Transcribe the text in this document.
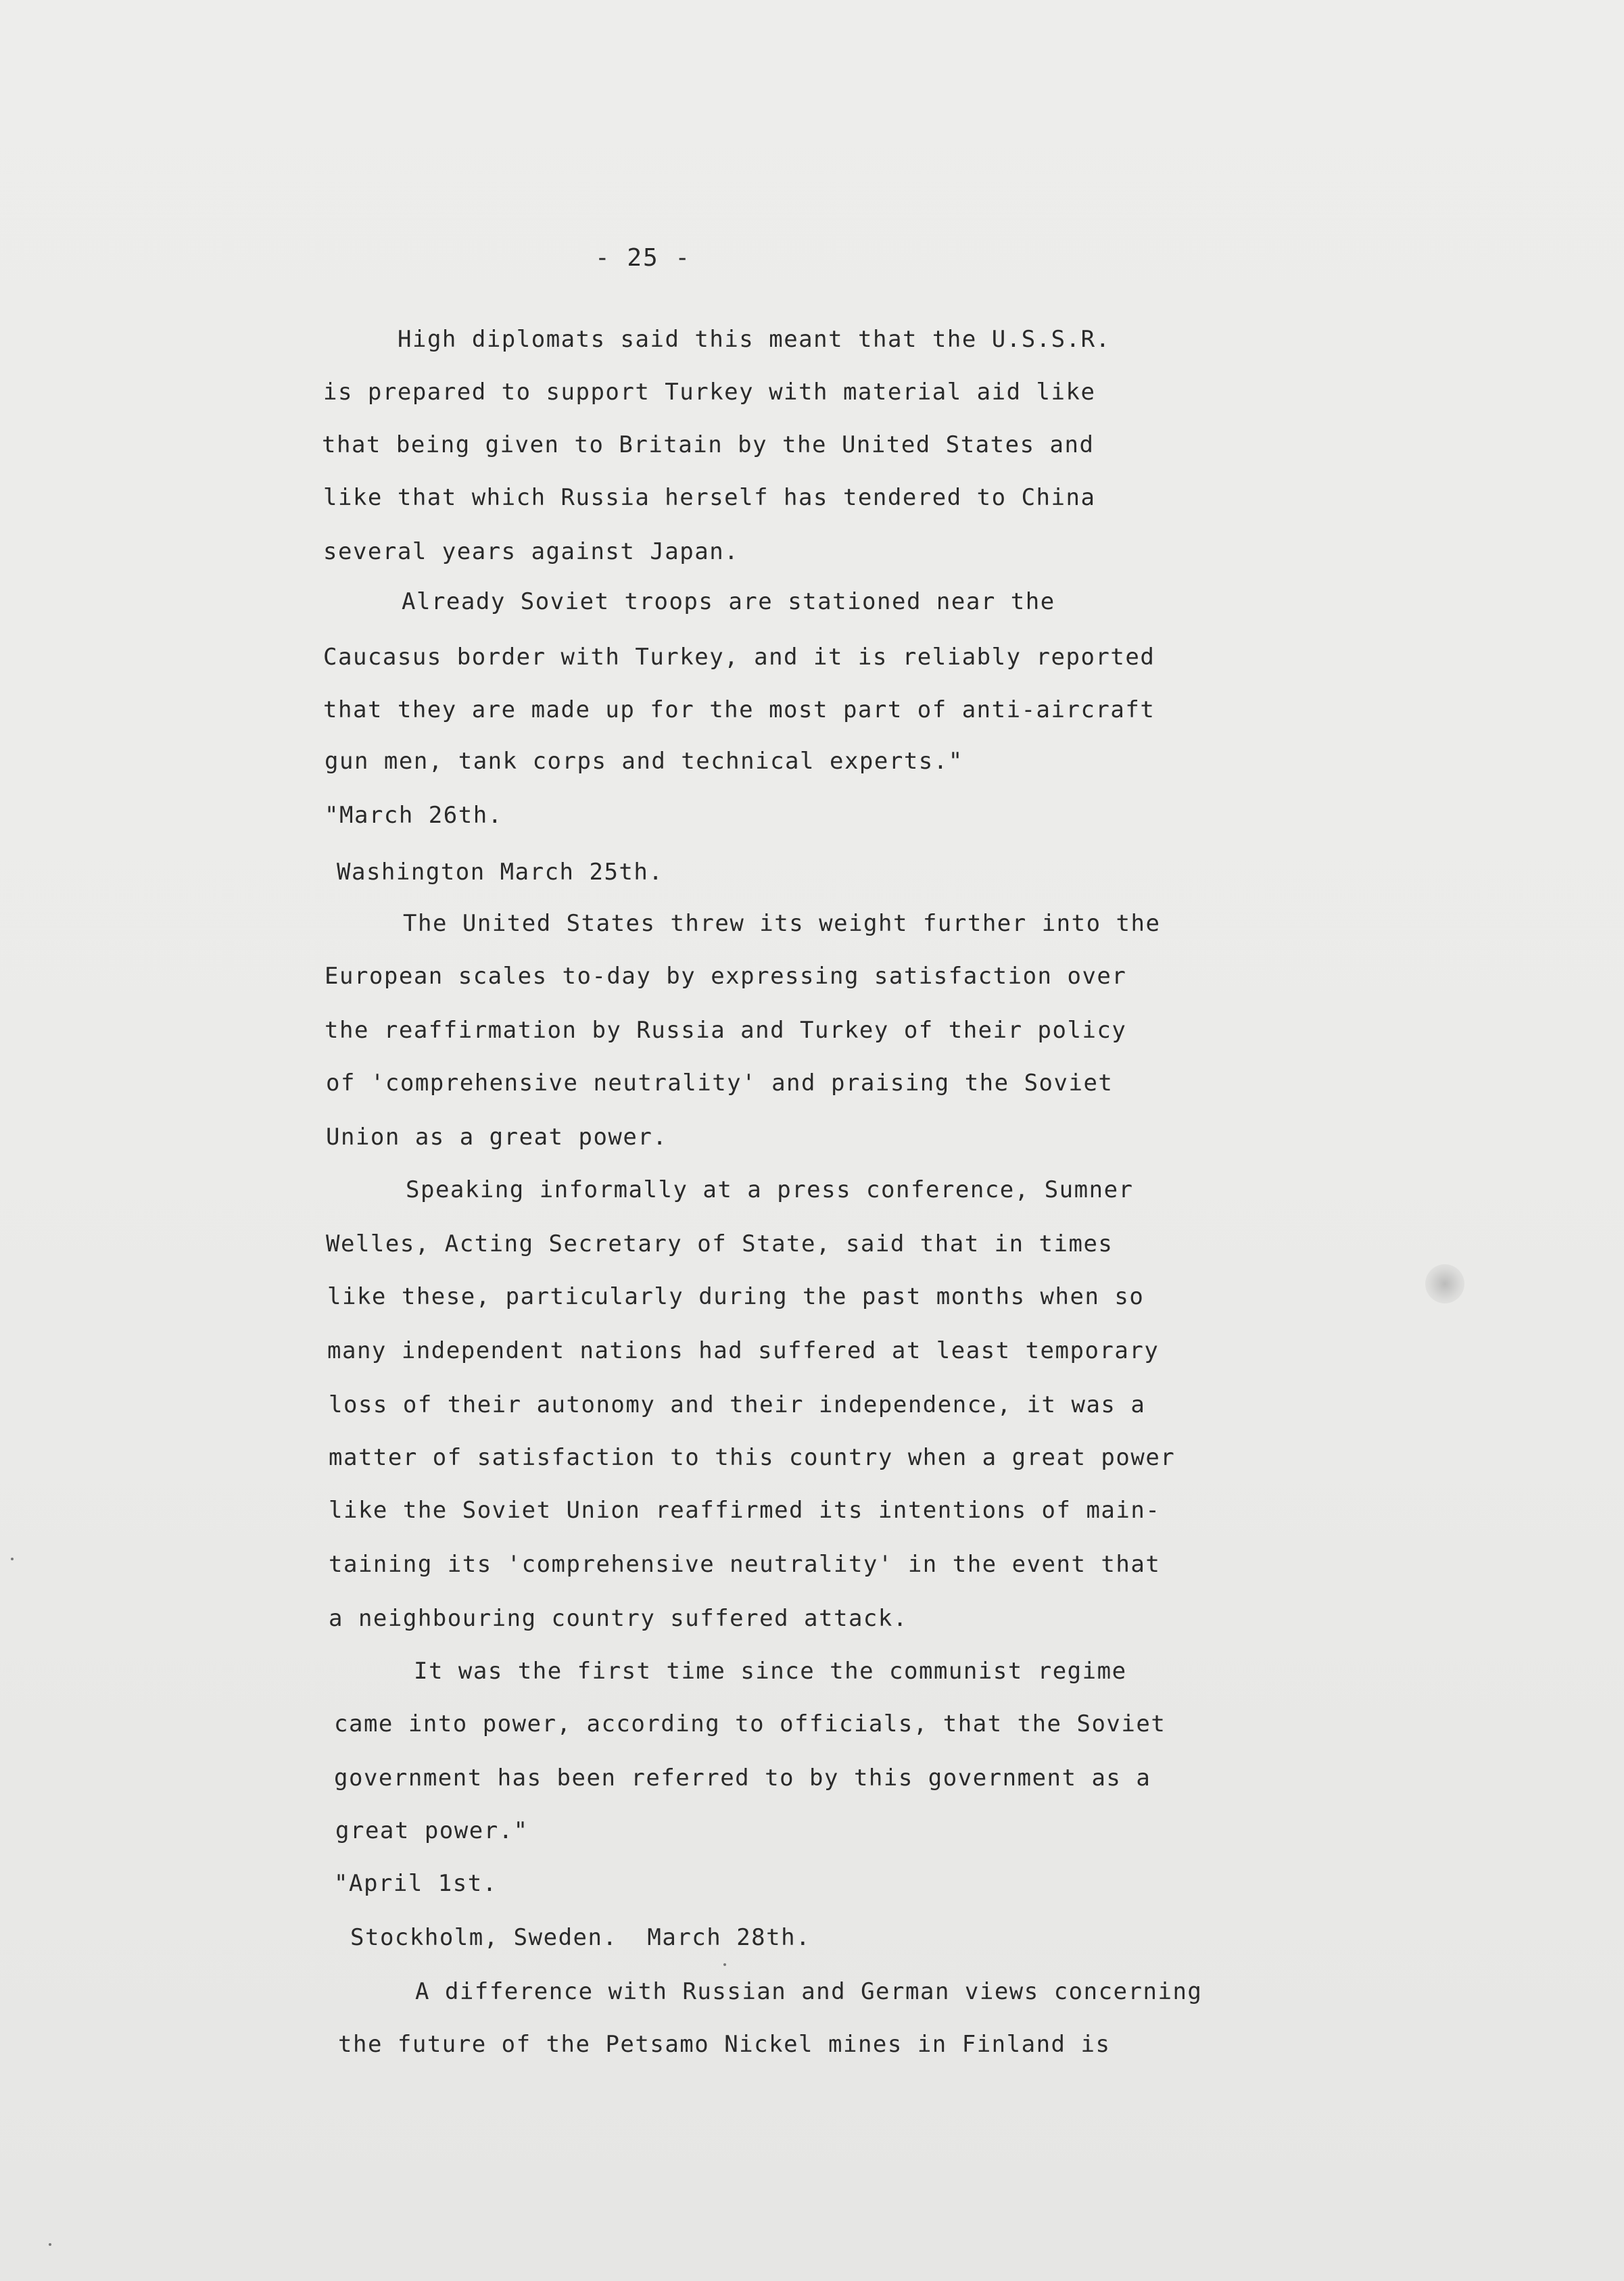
- 25 -
High diplomats said this meant that the U.S.S.R.
is prepared to support Turkey with material aid like
that being given to Britain by the United States and
like that which Russia herself has tendered to China
several years against Japan.
Already Soviet troops are stationed near the
Caucasus border with Turkey, and it is reliably reported
that they are made up for the most part of anti-aircraft
gun men, tank corps and technical experts."
"March 26th.
Washington March 25th.
The United States threw its weight further into the
European scales to-day by expressing satisfaction over
the reaffirmation by Russia and Turkey of their policy
of 'comprehensive neutrality' and praising the Soviet
Union as a great power.
Speaking informally at a press conference, Sumner
Welles, Acting Secretary of State, said that in times
like these, particularly during the past months when so
many independent nations had suffered at least temporary
loss of their autonomy and their independence, it was a
matter of satisfaction to this country when a great power
like the Soviet Union reaffirmed its intentions of main-
taining its 'comprehensive neutrality' in the event that
a neighbouring country suffered attack.
It was the first time since the communist regime
came into power, according to officials, that the Soviet
government has been referred to by this government as a
great power."
"April 1st.
Stockholm, Sweden.  March 28th.
A difference with Russian and German views concerning
the future of the Petsamo Nickel mines in Finland is
